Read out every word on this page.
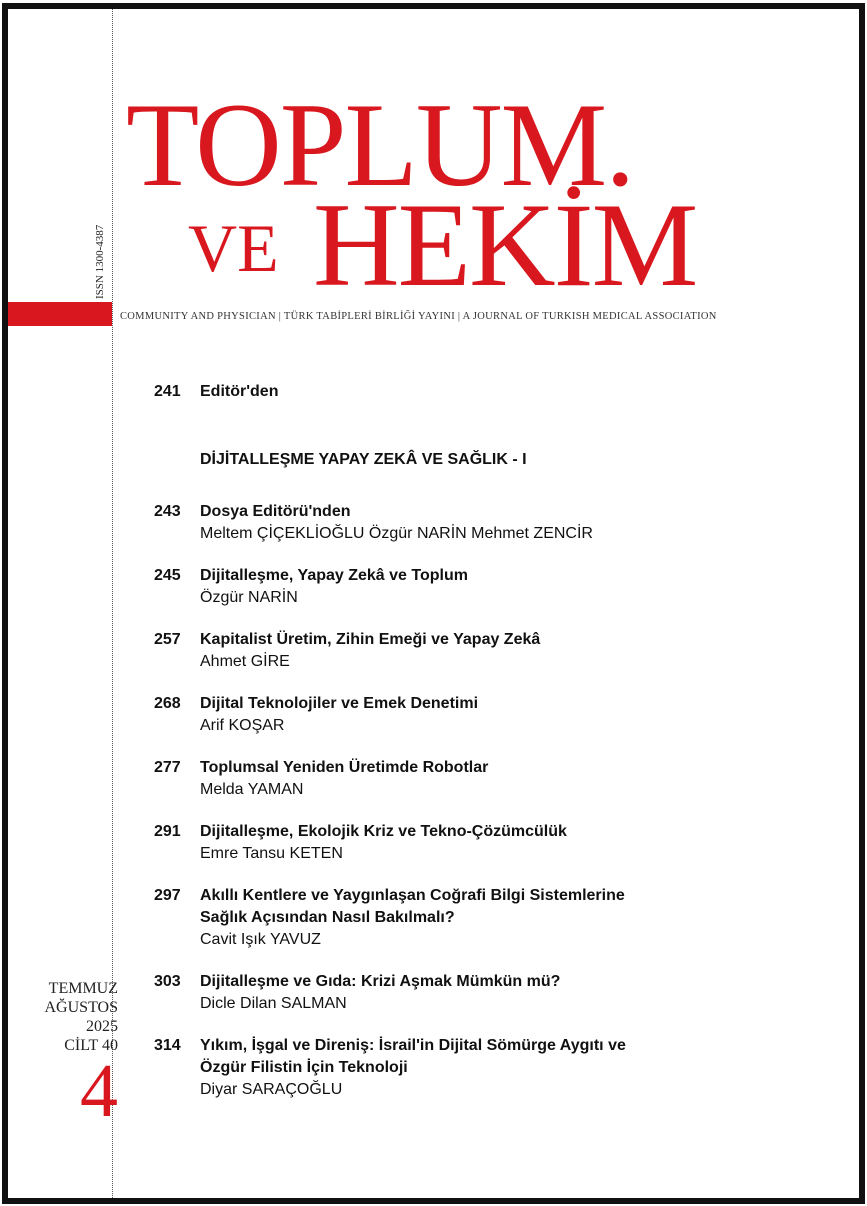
ISSN 1300-4387
TOPLUM.
VE HEKİM
COMMUNITY AND PHYSICIAN | TÜRK TABİPLERİ BİRLİĞİ YAYINI | A JOURNAL OF TURKISH MEDICAL ASSOCIATION
241	Editör'den
DİJİTALLEŞME YAPAY ZEKÂ VE SAĞLIK - I
243	Dosya Editörü'nden
Meltem ÇİÇEKLİOĞLU Özgür NARİN Mehmet ZENCİR
245	Dijitalleşme, Yapay Zekâ ve Toplum
Özgür NARİN
257	Kapitalist Üretim, Zihin Emeği ve Yapay Zekâ
Ahmet GİRE
268	Dijital Teknolojiler ve Emek Denetimi
Arif KOŞAR
277	Toplumsal Yeniden Üretimde Robotlar
Melda YAMAN
291	Dijitalleşme, Ekolojik Kriz ve Tekno-Çözümcülük
Emre Tansu KETEN
297	Akıllı Kentlere ve Yaygınlaşan Coğrafi Bilgi Sistemlerine
Sağlık Açısından Nasıl Bakılmalı?
Cavit Işık YAVUZ
303	Dijitalleşme ve Gıda: Krizi Aşmak Mümkün mü?
Dicle Dilan SALMAN
314	Yıkım, İşgal ve Direniş: İsrail'in Dijital Sömürge Aygıtı ve
Özgür Filistin İçin Teknoloji
Diyar SARAÇOĞLU
TEMMUZ
AĞUSTOS
2025
CİLT 40
4
